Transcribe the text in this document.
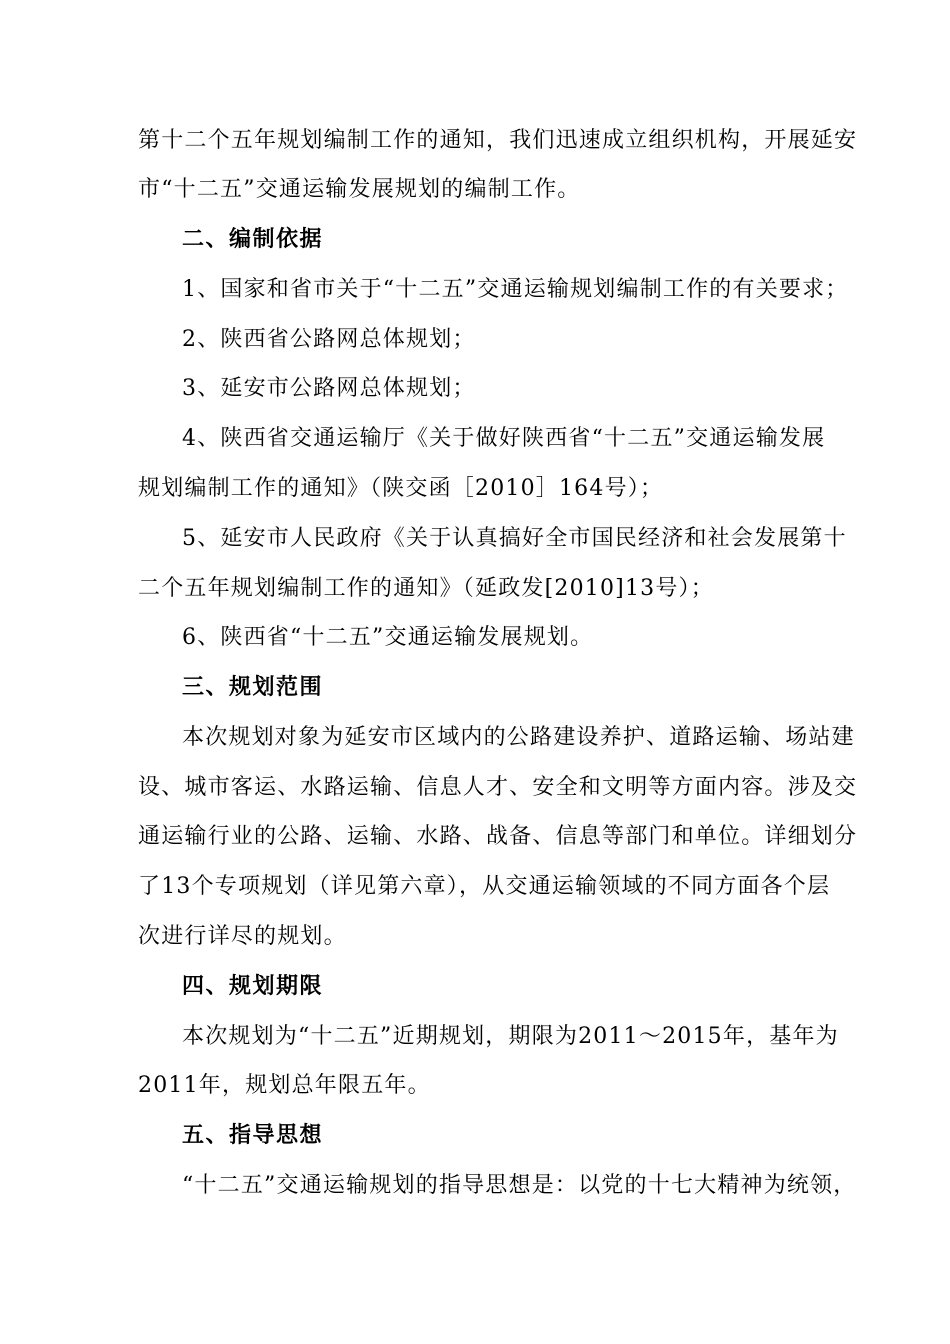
第十二个五年规划编制工作的通知，我们迅速成立组织机构，开展延安
市“十二五”交通运输发展规划的编制工作。
二、编制依据
1、国家和省市关于“十二五”交通运输规划编制工作的有关要求；
2、陕西省公路网总体规划；
3、延安市公路网总体规划；
4、陕西省交通运输厅《关于做好陕西省“十二五”交通运输发展
规划编制工作的通知》（陕交函［2010］164号）；
5、延安市人民政府《关于认真搞好全市国民经济和社会发展第十
二个五年规划编制工作的通知》（延政发[2010]13号）；
6、陕西省“十二五”交通运输发展规划。
三、规划范围
本次规划对象为延安市区域内的公路建设养护、道路运输、场站建
设、城市客运、水路运输、信息人才、安全和文明等方面内容。涉及交
通运输行业的公路、运输、水路、战备、信息等部门和单位。详细划分
了13个专项规划（详见第六章），从交通运输领域的不同方面各个层
次进行详尽的规划。
四、规划期限
本次规划为“十二五”近期规划，期限为2011～2015年，基年为
2011年，规划总年限五年。
五、指导思想
“十二五”交通运输规划的指导思想是：以党的十七大精神为统领，
